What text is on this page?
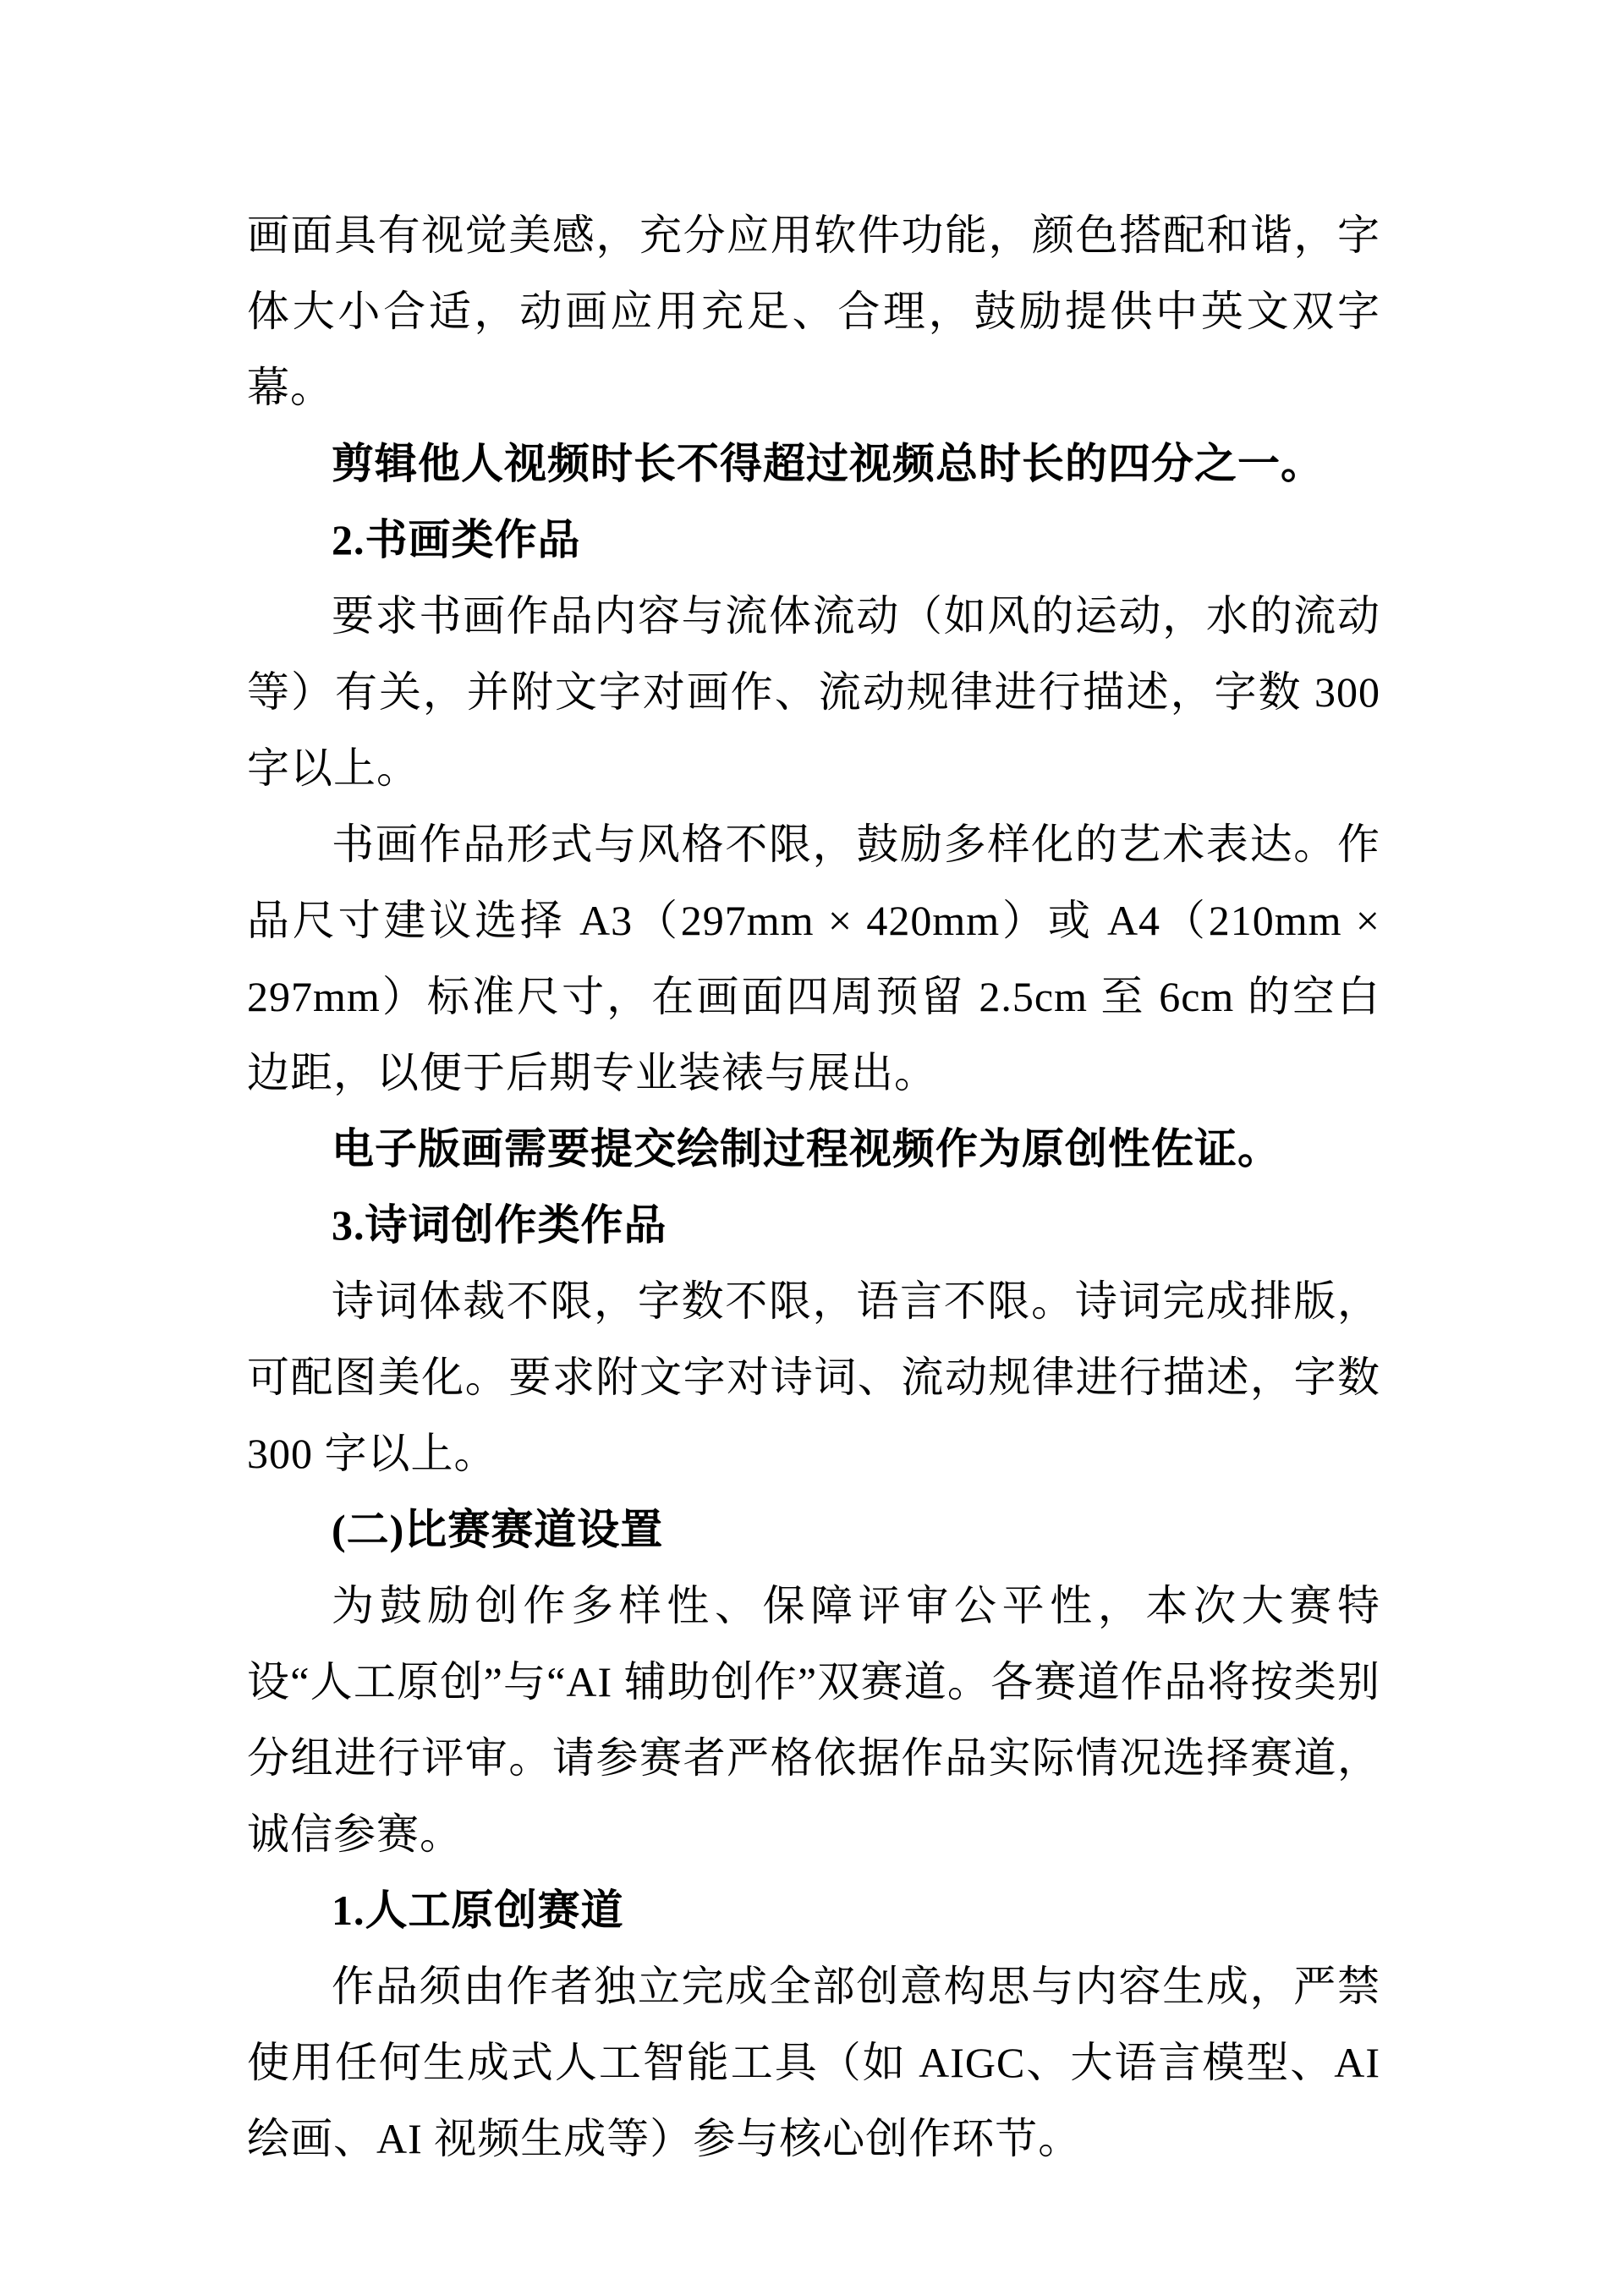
画面具有视觉美感，充分应用软件功能，颜色搭配和谐，字体大小合适，动画应用充足、合理，鼓励提供中英文双字幕。

剪辑他人视频时长不得超过视频总时长的四分之一。

2.书画类作品

要求书画作品内容与流体流动（如风的运动，水的流动等）有关，并附文字对画作、流动规律进行描述，字数 300 字以上。

书画作品形式与风格不限，鼓励多样化的艺术表达。作品尺寸建议选择 A3（297mm × 420mm）或 A4（210mm × 297mm）标准尺寸，在画面四周预留 2.5cm 至 6cm 的空白边距，以便于后期专业装裱与展出。

电子版画需要提交绘制过程视频作为原创性佐证。

3.诗词创作类作品

诗词体裁不限，字数不限，语言不限。诗词完成排版，可配图美化。要求附文字对诗词、流动规律进行描述，字数 300 字以上。

(二)比赛赛道设置

为鼓励创作多样性、保障评审公平性，本次大赛特设“人工原创”与“AI 辅助创作”双赛道。各赛道作品将按类别分组进行评审。请参赛者严格依据作品实际情况选择赛道，诚信参赛。

1.人工原创赛道

作品须由作者独立完成全部创意构思与内容生成，严禁使用任何生成式人工智能工具（如 AIGC、大语言模型、AI 绘画、AI 视频生成等）参与核心创作环节。
